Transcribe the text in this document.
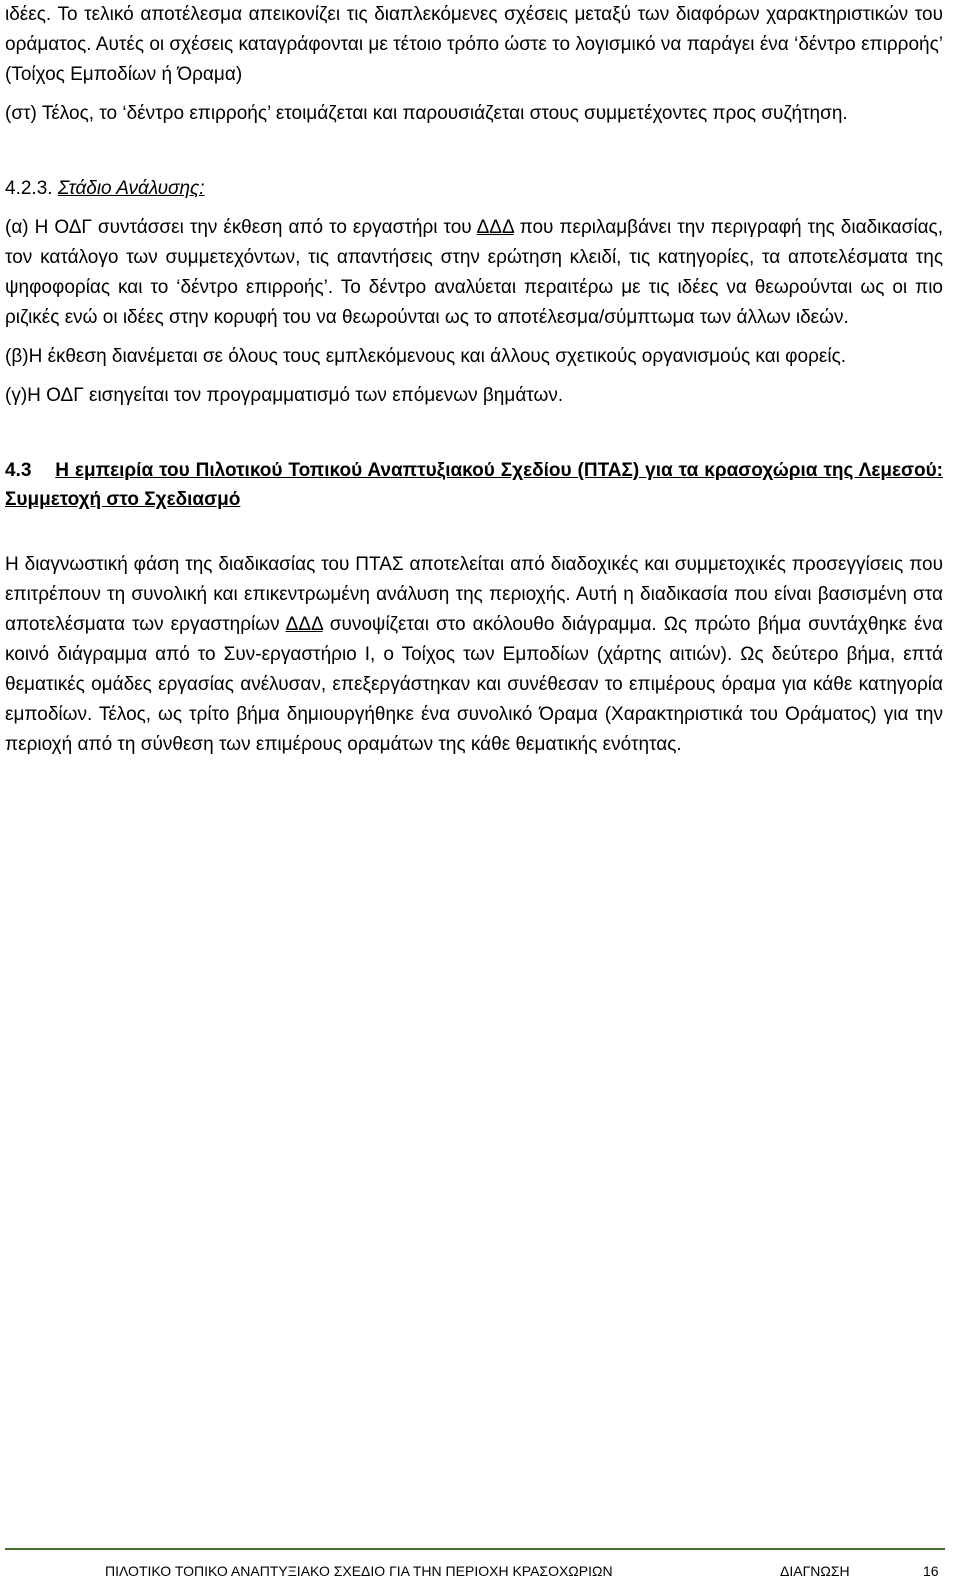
ιδέες. Το τελικό αποτέλεσμα απεικονίζει τις διαπλεκόμενες σχέσεις μεταξύ των διαφόρων χαρακτηριστικών του οράματος. Αυτές οι σχέσεις καταγράφονται με τέτοιο τρόπο ώστε το λογισμικό να παράγει ένα ‘δέντρο επιρροής’ (Τοίχος Εμποδίων ή Όραμα)

(στ) Τέλος, το ‘δέντρο επιρροής’ ετοιμάζεται και παρουσιάζεται στους συμμετέχοντες προς συζήτηση.

4.2.3. Στάδιο Ανάλυσης:

(α) Η ΟΔΓ συντάσσει την έκθεση από το εργαστήρι του ΔΔΔ που περιλαμβάνει την περιγραφή της διαδικασίας, τον κατάλογο των συμμετεχόντων, τις απαντήσεις στην ερώτηση κλειδί, τις κατηγορίες, τα αποτελέσματα της ψηφοφορίας και το ‘δέντρο επιρροής’. Το δέντρο αναλύεται περαιτέρω με τις ιδέες να θεωρούνται ως οι πιο ριζικές ενώ οι ιδέες στην κορυφή του να θεωρούνται ως το αποτέλεσμα/σύμπτωμα των άλλων ιδεών.

(β)Η έκθεση διανέμεται σε όλους τους εμπλεκόμενους και άλλους σχετικούς οργανισμούς και φορείς.

(γ)Η ΟΔΓ εισηγείται τον προγραμματισμό των επόμενων βημάτων.

4.3 Η εμπειρία του Πιλοτικού Τοπικού Αναπτυξιακού Σχεδίου (ΠΤΑΣ) για τα κρασοχώρια της Λεμεσού: Συμμετοχή στο Σχεδιασμό

Η διαγνωστική φάση της διαδικασίας του ΠΤΑΣ αποτελείται από διαδοχικές και συμμετοχικές προσεγγίσεις που επιτρέπουν τη συνολική και επικεντρωμένη ανάλυση της περιοχής. Αυτή η διαδικασία που είναι βασισμένη στα αποτελέσματα των εργαστηρίων ΔΔΔ συνοψίζεται στο ακόλουθο διάγραμμα. Ως πρώτο βήμα συντάχθηκε ένα κοινό διάγραμμα από το Συν-εργαστήριο Ι, ο Τοίχος των Εμποδίων (χάρτης αιτιών). Ως δεύτερο βήμα, επτά θεματικές ομάδες εργασίας ανέλυσαν, επεξεργάστηκαν και συνέθεσαν το επιμέρους όραμα για κάθε κατηγορία εμποδίων. Τέλος, ως τρίτο βήμα δημιουργήθηκε ένα συνολικό Όραμα (Χαρακτηριστικά του Οράματος) για την περιοχή από τη σύνθεση των επιμέρους οραμάτων της κάθε θεματικής ενότητας.

ΠΙΛΟΤΙΚΟ ΤΟΠΙΚΟ ΑΝΑΠΤΥΞΙΑΚΟ ΣΧΕΔΙΟ ΓΙΑ ΤΗΝ ΠΕΡΙΟΧΗ ΚΡΑΣΟΧΩΡΙΩΝ	ΔΙΑΓΝΩΣΗ	16
